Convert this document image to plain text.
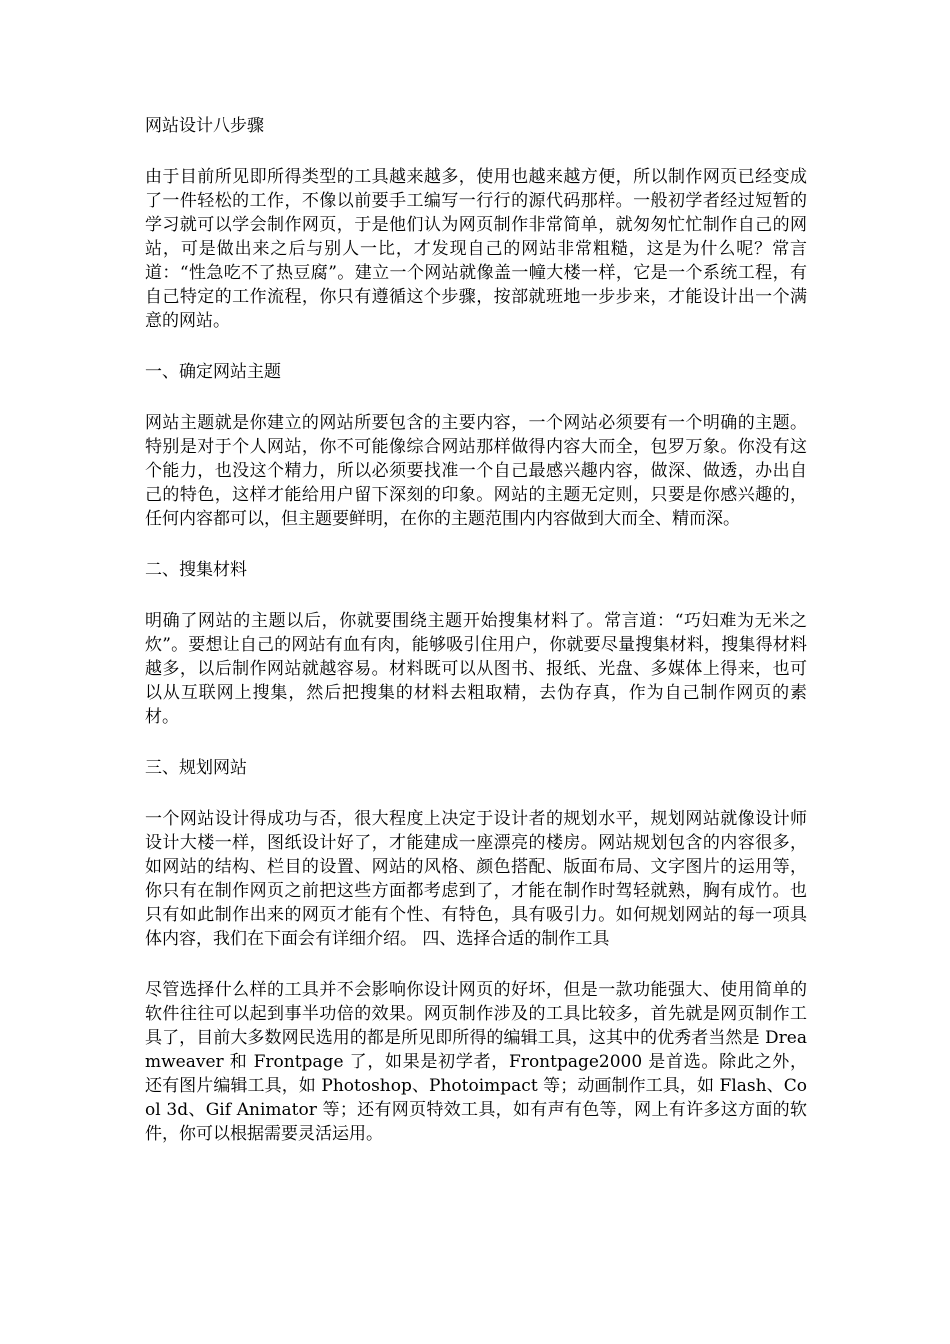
网站设计八步骤
由于目前所见即所得类型的工具越来越多，使用也越来越方便，所以制作网页已经变成了一件轻松的工作，不像以前要手工编写一行行的源代码那样。一般初学者经过短暂的学习就可以学会制作网页，于是他们认为网页制作非常简单，就匆匆忙忙制作自己的网站，可是做出来之后与别人一比，才发现自己的网站非常粗糙，这是为什么呢？常言道：“性急吃不了热豆腐”。建立一个网站就像盖一幢大楼一样，它是一个系统工程，有自己特定的工作流程，你只有遵循这个步骤，按部就班地一步步来，才能设计出一个满意的网站。
一、确定网站主题
网站主题就是你建立的网站所要包含的主要内容，一个网站必须要有一个明确的主题。特别是对于个人网站，你不可能像综合网站那样做得内容大而全，包罗万象。你没有这个能力，也没这个精力，所以必须要找准一个自己最感兴趣内容，做深、做透，办出自己的特色，这样才能给用户留下深刻的印象。网站的主题无定则，只要是你感兴趣的，任何内容都可以，但主题要鲜明，在你的主题范围内内容做到大而全、精而深。
二、搜集材料
明确了网站的主题以后，你就要围绕主题开始搜集材料了。常言道：“巧妇难为无米之炊”。要想让自己的网站有血有肉，能够吸引住用户，你就要尽量搜集材料，搜集得材料越多，以后制作网站就越容易。材料既可以从图书、报纸、光盘、多媒体上得来，也可以从互联网上搜集，然后把搜集的材料去粗取精，去伪存真，作为自己制作网页的素材。
三、规划网站
一个网站设计得成功与否，很大程度上决定于设计者的规划水平，规划网站就像设计师设计大楼一样，图纸设计好了，才能建成一座漂亮的楼房。网站规划包含的内容很多，如网站的结构、栏目的设置、网站的风格、颜色搭配、版面布局、文字图片的运用等，你只有在制作网页之前把这些方面都考虑到了，才能在制作时驾轻就熟，胸有成竹。也只有如此制作出来的网页才能有个性、有特色，具有吸引力。如何规划网站的每一项具体内容，我们在下面会有详细介绍。 四、选择合适的制作工具
尽管选择什么样的工具并不会影响你设计网页的好坏，但是一款功能强大、使用简单的软件往往可以起到事半功倍的效果。网页制作涉及的工具比较多，首先就是网页制作工具了，目前大多数网民选用的都是所见即所得的编辑工具，这其中的优秀者当然是 Dreamweaver 和 Frontpage 了，如果是初学者，Frontpage2000 是首选。除此之外，还有图片编辑工具，如 Photoshop、Photoimpact 等；动画制作工具，如 Flash、Cool 3d、Gif Animator 等；还有网页特效工具，如有声有色等，网上有许多这方面的软件，你可以根据需要灵活运用。
